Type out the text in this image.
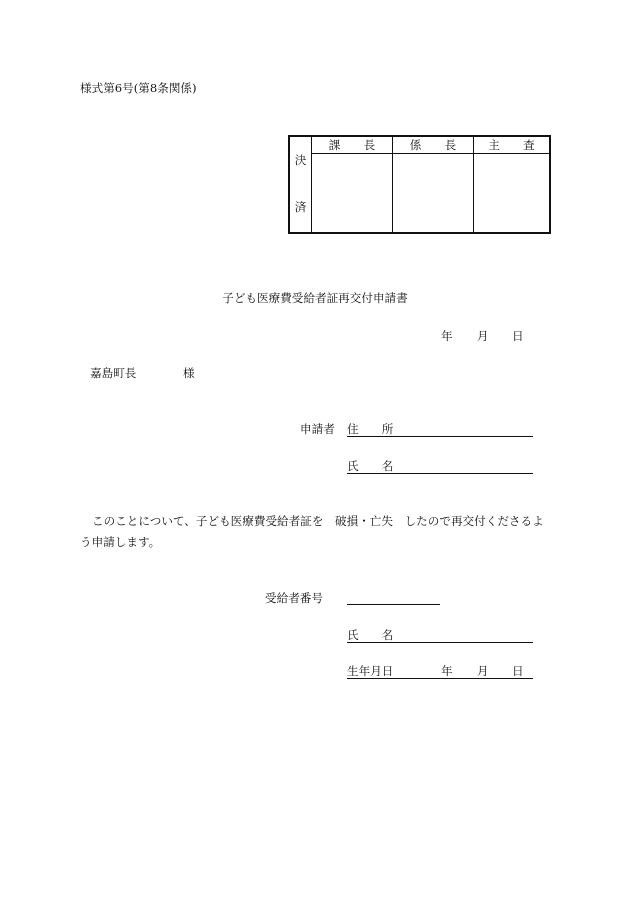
様式第6号(第8条関係)
決
済
課　　長	係　　長	主　　査
子ども医療費受給者証再交付申請書
年 月 日
嘉島町長	様
申請者 住　　所
氏　　名
このことについて、子ども医療費受給者証を　破損・亡失　したので再交付くださるよ
う申請します。
受給者番号
氏　　名
生年月日	年 月 日
